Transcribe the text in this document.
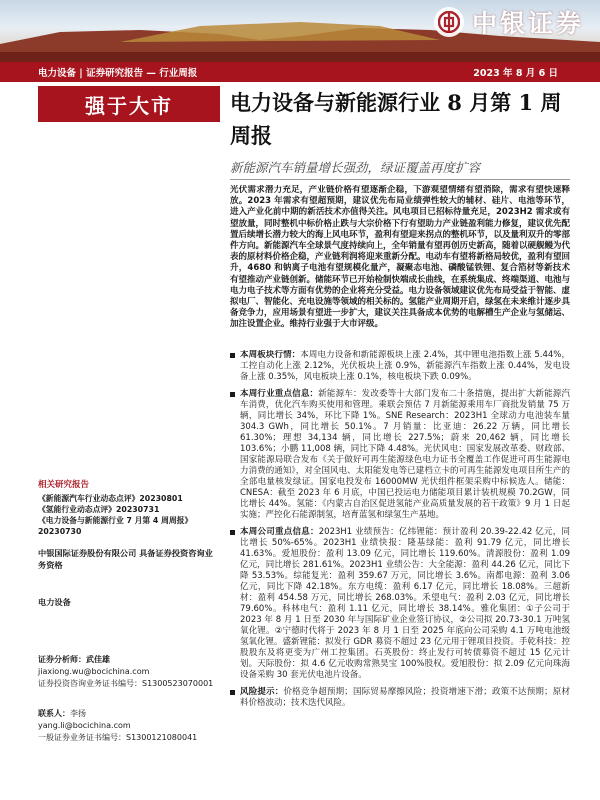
中银证券
电力设备 | 证券研究报告 — 行业周报	2023 年 8 月 6 日
强于大市	电力设备与新能源行业 8 月第 1 周周报
新能源汽车销量增长强劲，绿证覆盖再度扩容

光伏需求潜力充足，产业链价格有望逐渐企稳，下游观望情绪有望消除，需求有望快速释放。2023 年需求有望超预期，建议优先布局业绩弹性较大的辅材、硅片、电池等环节，进入产业化前中期的新活技术亦值得关注。风电项目已招标待量充足，2023H2 需求或有望放量，同时整机中标价格止跌与大宗价格下行有望助力产业链盈利能力修复，建议优先配置后续增长潜力较大的海上风电环节，盈利有望迎来拐点的整机环节，以及量利双升的零部件方向。新能源汽车全球景气度持续向上，全年销量有望再创历史新高，随着以硬舰鳗为代表的原材料价格企稳，产业链利润将迎来重新分配。电动车有望将新格局较优，盈利有望回升，4680 和钠离子电池有望规模化量产，凝聚态电池、磷酸锰铁锂、复合箔材等新技术有望推动产业链创新。储能环节已开始检制快端成长曲线，在系统集成、终端渠道、电池与电力电子技术等方面有优势的企业将充分受益。电力设备领域建议优先布局受益于智能、虚拟电厂、智能化、充电设施等领域的相关标的。氢能产业周期开启，绿氢在未来维计逐步具备竞争力，应用场景有望进一步扩大，建议关注具备成本优势的电解槽生产企业与氢储运、加注设置企业。维持行业强于大市评级。

本周板块行情：本周电力设备和新能源板块上涨 2.4%，其中锂电池指数上涨 5.44%，工控自动化上涨 2.12%，光伏板块上涨 0.9%，新能源汽车指数上涨 0.44%，发电设备上涨 0.35%，风电板块上涨 0.1%，核电板块下跌 0.09%。
本周行业重点信息：新能源车：发改委等十大部门发布二十条措施，提出扩大新能源汽车消费，优化汽车购买使用和管理。乘联会预估 7 月新能源乘用车厂商批发销量 75 万辆，同比增长 34%，环比下降 1%。SNE Research：2023H1 全球动力电池装车量 304.3 GWh，同比增长 50.1%。7 月销量：比亚迪：26.22 万辆，同比增长 61.30%；理想 34,134 辆，同比增长 227.5%；蔚来 20,462 辆，同比增长 103.6%；小鹏 11,008 辆，同比下降 4.48%。光伏风电：国家发展改革委、财政部、国家能源局联合发布《关于做好可再生能源绿色电力证书全覆盖工作促进可再生能源电力消费的通知》，对全国风电、太阳能发电等已建档立卡的可再生能源发电项目所生产的全部电量核发绿证。国家电投发布 16000MW 光伏组件框架采购中标候选人。储能：CNESA：截至 2023 年 6 月底，中国已投运电力储能项目累计装机规模 70.2GW，同比增长 44%。氢能：《内蒙古自治区促进氢能产业高质量发展的若干政策》9 月 1 日起实施；严控化石能源制氢，培育蓝氢和绿氢生产基地。
本周公司重点信息：2023H1 业绩预告：亿纬锂能：预计盈利 20.39-22.42 亿元，同比增长 50%-65%。2023H1 业绩快报：隆基绿能：盈利 91.79 亿元，同比增长 41.63%。爱旭股份：盈利 13.09 亿元，同比增长 119.60%。清源股份：盈利 1.09 亿元，同比增长 281.61%。2023H1 业绩公告：大全能源：盈利 44.26 亿元，同比下降 53.53%。综能复光：盈利 359.67 万元，同比增长 3.6%。南都电源：盈利 3.06 亿元，同比下降 42.18%。东方电缆：盈利 6.17 亿元，同比增长 18.08%。三超新材：盈利 454.58 万元，同比增长 268.03%。禾望电气：盈利 2.03 亿元，同比增长 79.60%。科林电气：盈利 1.11 亿元，同比增长 38.14%。雅化集团：①子公司于 2023 年 8 月 1 日至 2030 年与国际矿业企业签订协议，②公司拟 20.73-30.1 万吨氢氧化锂。②宁德时代将于 2023 年 8 月 1 日至 2025 年底向公司采购 4.1 万吨电池级氢氧化锂。盛新锂能：拟发行 GDR 募资不超过 23 亿元用于锂项目投资。手乾科技：控股股东及将更变为广州工控集团。石英股份：终止发行可转债募资不超过 15 亿元计划。天际股份：拟 4.6 亿元收购常熟昊宝 100%股权。爱旭股份：拟 2.09 亿元向珠海设备采购 30 套光伏电池片设备。
风险提示：价格竞争超预期；国际贸易摩擦风险；投资增速下滑；政策不达预期；原材料价格波动；技术迭代风险。
相关研究报告
《新能源汽车行业动态点评》20230801
《氢能行业动态点评》20230731
《电力设备与新能源行业 7 月第 4 周周报》20230730
中银国际证券股份有限公司 具备证券投资咨询业务资格
电力设备
证券分析师：武佳雄
jiaxiong.wu@bocichina.com
证券投资咨询业务证书编号：S1300523070001
联系人：李扬
yang.li@bocichina.com
一般证券业务证书编号：S1300121080041
